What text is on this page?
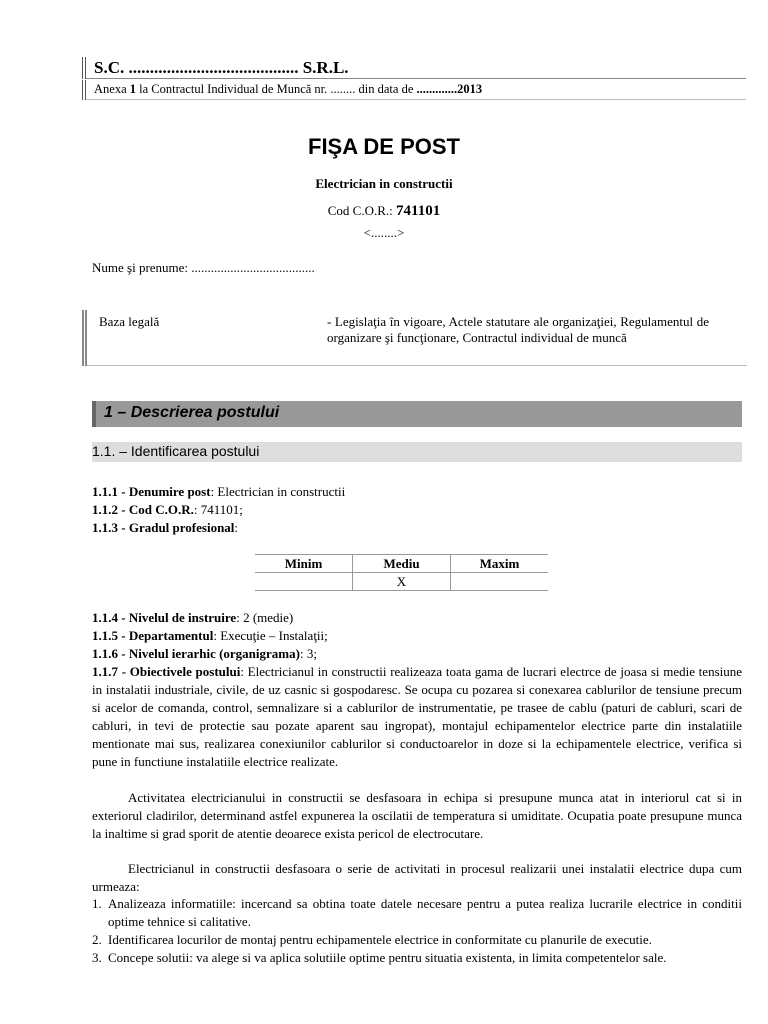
S.C. ........................................ S.R.L.
Anexa 1 la Contractul Individual de Muncă nr. ........ din data de .............2013
FIŞA DE POST
Electrician in constructii
Cod C.O.R.: 741101
<........>
Nume şi prenume: ......................................
Baza legală	- Legislaţia în vigoare, Actele statutare ale organizaţiei, Regulamentul de organizare şi funcţionare, Contractul individual de muncă
1 – Descrierea postului
1.1. – Identificarea postului
1.1.1 - Denumire post: Electrician in constructii
1.1.2 - Cod C.O.R.: 741101;
1.1.3 - Gradul profesional:
Minim	Mediu	Maxim
	X	
1.1.4 - Nivelul de instruire: 2 (medie)
1.1.5 - Departamentul: Execuţie – Instalaţii;
1.1.6 - Nivelul ierarhic (organigrama): 3;
1.1.7 - Obiectivele postului: Electricianul in constructii realizeaza toata gama de lucrari electrce de joasa si medie tensiune in instalatii industriale, civile, de uz casnic si gospodaresc. Se ocupa cu pozarea si conexarea cablurilor de tensiune precum si acelor de comanda, control, semnalizare si a cablurilor de instrumentatie, pe trasee de cablu (paturi de cabluri, scari de cabluri, in tevi de protectie sau pozate aparent sau ingropat), montajul echipamentelor electrice parte din instalatiile mentionate mai sus, realizarea conexiunilor cablurilor si conductoarelor in doze si la echipamentele electrice, verifica si pune in functiune instalatiile electrice realizate.
Activitatea electricianului in constructii se desfasoara in echipa si presupune munca atat in interiorul cat si in exteriorul cladirilor, determinand astfel expunerea la oscilatii de temperatura si umiditate. Ocupatia poate presupune munca la inaltime si grad sporit de atentie deoarece exista pericol de electrocutare.
Electricianul in constructii desfasoara o serie de activitati in procesul realizarii unei instalatii electrice dupa cum urmeaza:
1. Analizeaza informatiile: incercand sa obtina toate datele necesare pentru a putea realiza lucrarile electrice in conditii optime tehnice si calitative.
2. Identificarea locurilor de montaj pentru echipamentele electrice in conformitate cu planurile de executie.
3. Concepe solutii: va alege si va aplica solutiile optime pentru situatia existenta, in limita competentelor sale.
